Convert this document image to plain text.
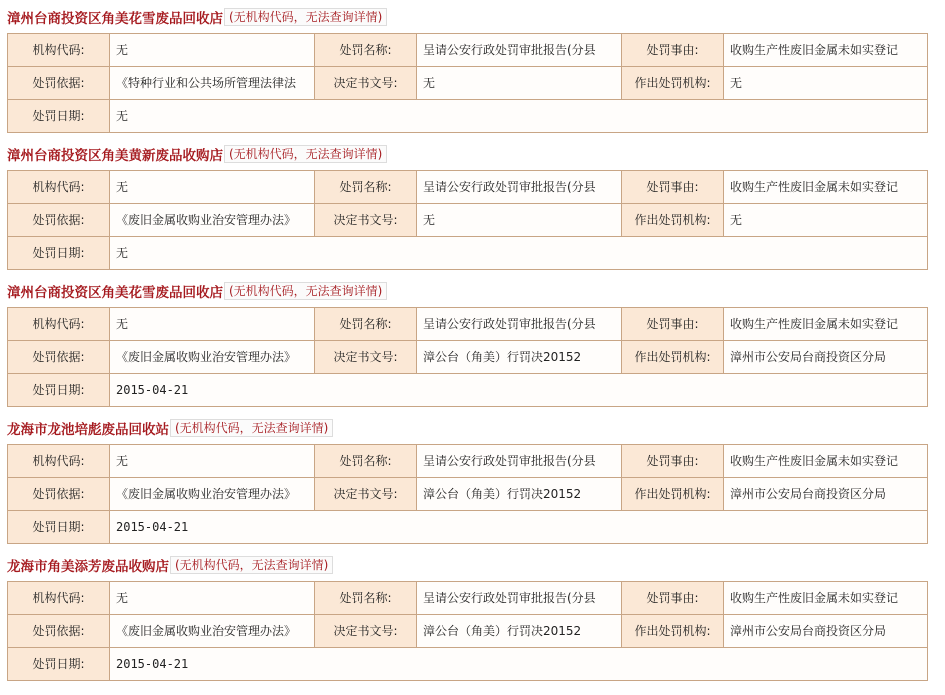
漳州台商投资区角美花雪废品回收店 (无机构代码，无法查询详情)
机构代码:	无	处罚名称:	呈请公安行政处罚审批报告(分县	处罚事由:	收购生产性废旧金属未如实登记
处罚依据:	《特种行业和公共场所管理法律法	决定书文号:	无	作出处罚机构:	无
处罚日期:	无				
漳州台商投资区角美黄新废品收购店 (无机构代码，无法查询详情)
机构代码:	无	处罚名称:	呈请公安行政处罚审批报告(分县	处罚事由:	收购生产性废旧金属未如实登记
处罚依据:	《废旧金属收购业治安管理办法》	决定书文号:	无	作出处罚机构:	无
处罚日期:	无				
漳州台商投资区角美花雪废品回收店 (无机构代码，无法查询详情)
机构代码:	无	处罚名称:	呈请公安行政处罚审批报告(分县	处罚事由:	收购生产性废旧金属未如实登记
处罚依据:	《废旧金属收购业治安管理办法》	决定书文号:	漳公台（角美）行罚决20152	作出处罚机构:	漳州市公安局台商投资区分局
处罚日期:	2015-04-21				
龙海市龙池培彪废品回收站 (无机构代码，无法查询详情)
机构代码:	无	处罚名称:	呈请公安行政处罚审批报告(分县	处罚事由:	收购生产性废旧金属未如实登记
处罚依据:	《废旧金属收购业治安管理办法》	决定书文号:	漳公台（角美）行罚决20152	作出处罚机构:	漳州市公安局台商投资区分局
处罚日期:	2015-04-21				
龙海市角美添芳废品收购店 (无机构代码，无法查询详情)
机构代码:	无	处罚名称:	呈请公安行政处罚审批报告(分县	处罚事由:	收购生产性废旧金属未如实登记
处罚依据:	《废旧金属收购业治安管理办法》	决定书文号:	漳公台（角美）行罚决20152	作出处罚机构:	漳州市公安局台商投资区分局
处罚日期:	2015-04-21				
